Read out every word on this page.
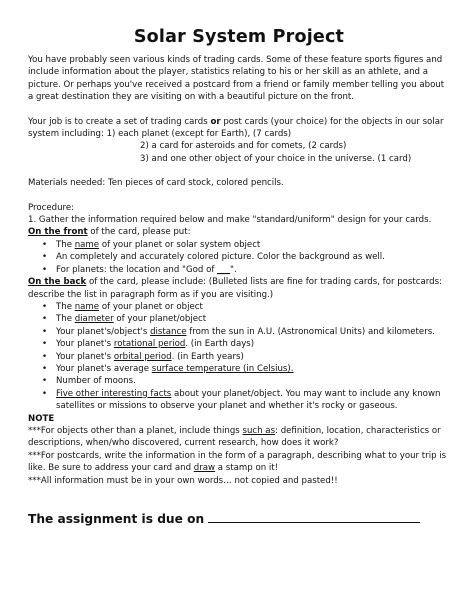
Solar System Project

You have probably seen various kinds of trading cards. Some of these feature sports figures and include information about the player, statistics relating to his or her skill as an athlete, and a picture. Or perhaps you've received a postcard from a friend or family member telling you about a great destination they are visiting on with a beautiful picture on the front.

Your job is to create a set of trading cards or post cards (your choice) for the objects in our solar system including: 1) each planet (except for Earth), (7 cards)

2) a card for asteroids and for comets, (2 cards)

3) and one other object of your choice in the universe. (1 card)

Materials needed: Ten pieces of card stock, colored pencils.

Procedure:

1. Gather the information required below and make "standard/uniform" design for your cards.

On the front of the card, please put:

• The name of your planet or solar system object
• An completely and accurately colored picture. Color the background as well.
• For planets: the location and "God of ___".

On the back of the card, please include: (Bulleted lists are fine for trading cards, for postcards: describe the list in paragraph form as if you are visiting.)

• The name of your planet or object
• The diameter of your planet/object
• Your planet's/object's distance from the sun in A.U. (Astronomical Units) and kilometers.
• Your planet's rotational period. (in Earth days)
• Your planet's orbital period. (in Earth years)
• Your planet's average surface temperature (in Celsius).
• Number of moons.
• Five other interesting facts about your planet/object. You may want to include any known satellites or missions to observe your planet and whether it's rocky or gaseous.

NOTE

***For objects other than a planet, include things such as: definition, location, characteristics or descriptions, when/who discovered, current research, how does it work?

***For postcards, write the information in the form of a paragraph, describing what to your trip is like. Be sure to address your card and draw a stamp on it!

***All information must be in your own words… not copied and pasted!!

The assignment is due on
